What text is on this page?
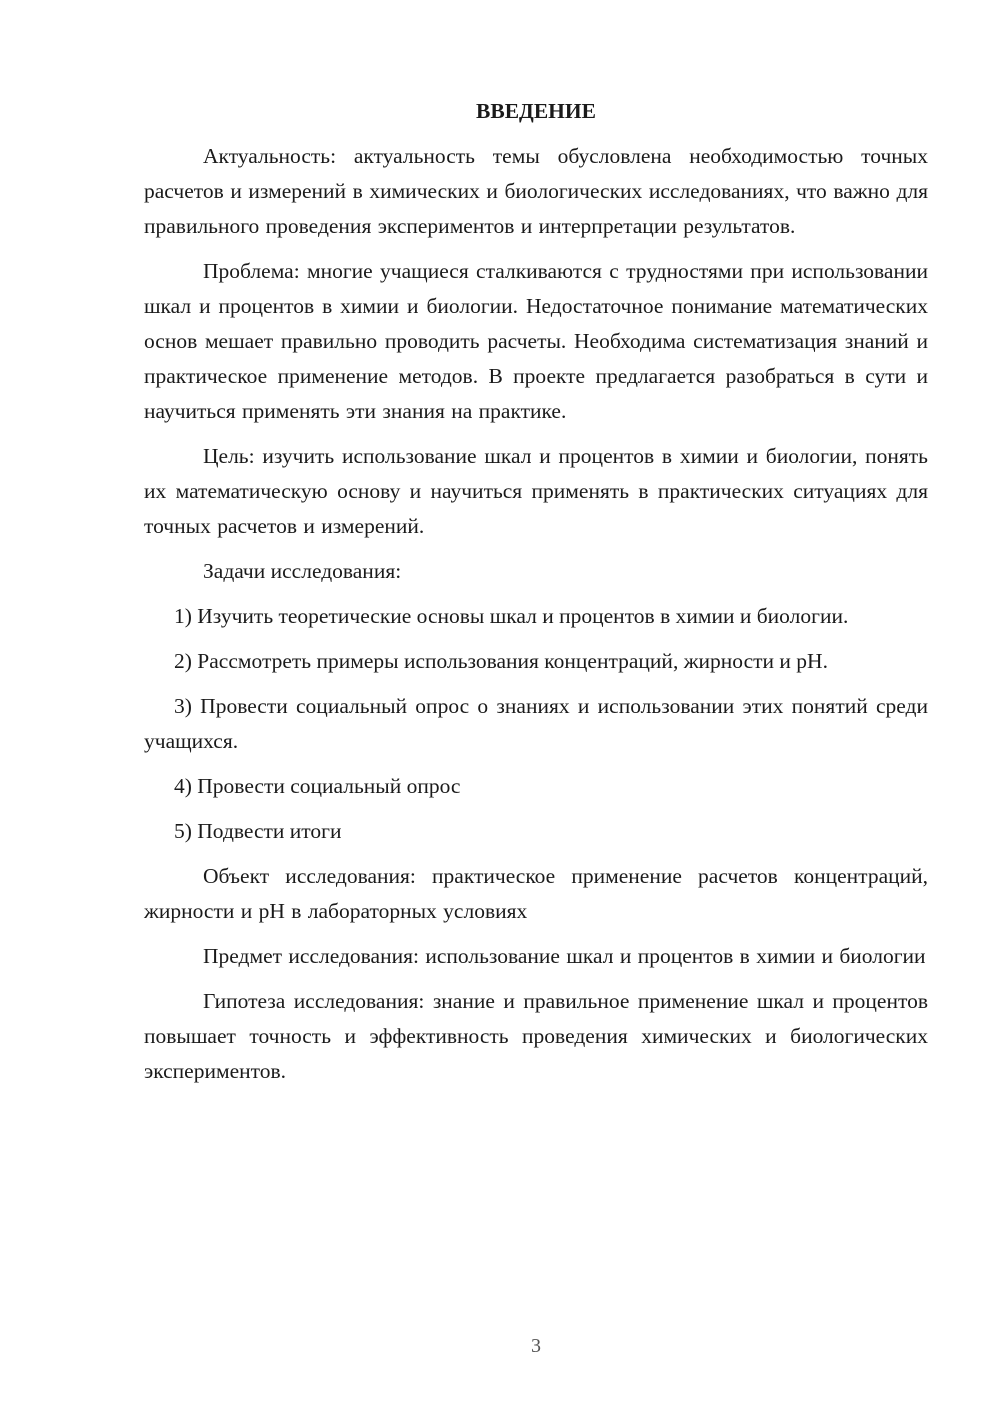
ВВЕДЕНИЕ

Актуальность: актуальность темы обусловлена необходимостью точных расчетов и измерений в химических и биологических исследованиях, что важно для правильного проведения экспериментов и интерпретации результатов.

Проблема: многие учащиеся сталкиваются с трудностями при использовании шкал и процентов в химии и биологии. Недостаточное понимание математических основ мешает правильно проводить расчеты. Необходима систематизация знаний и практическое применение методов. В проекте предлагается разобраться в сути и научиться применять эти знания на практике.

Цель: изучить использование шкал и процентов в химии и биологии, понять их математическую основу и научиться применять в практических ситуациях для точных расчетов и измерений.

Задачи исследования:

1) Изучить теоретические основы шкал и процентов в химии и биологии.

2) Рассмотреть примеры использования концентраций, жирности и pH.

3) Провести социальный опрос о знаниях и использовании этих понятий среди учащихся.

4) Провести социальный опрос

5) Подвести итоги

Объект исследования: практическое применение расчетов концентраций, жирности и pH в лабораторных условиях

Предмет исследования: использование шкал и процентов в химии и биологии

Гипотеза исследования: знание и правильное применение шкал и процентов повышает точность и эффективность проведения химических и биологических экспериментов.

3
